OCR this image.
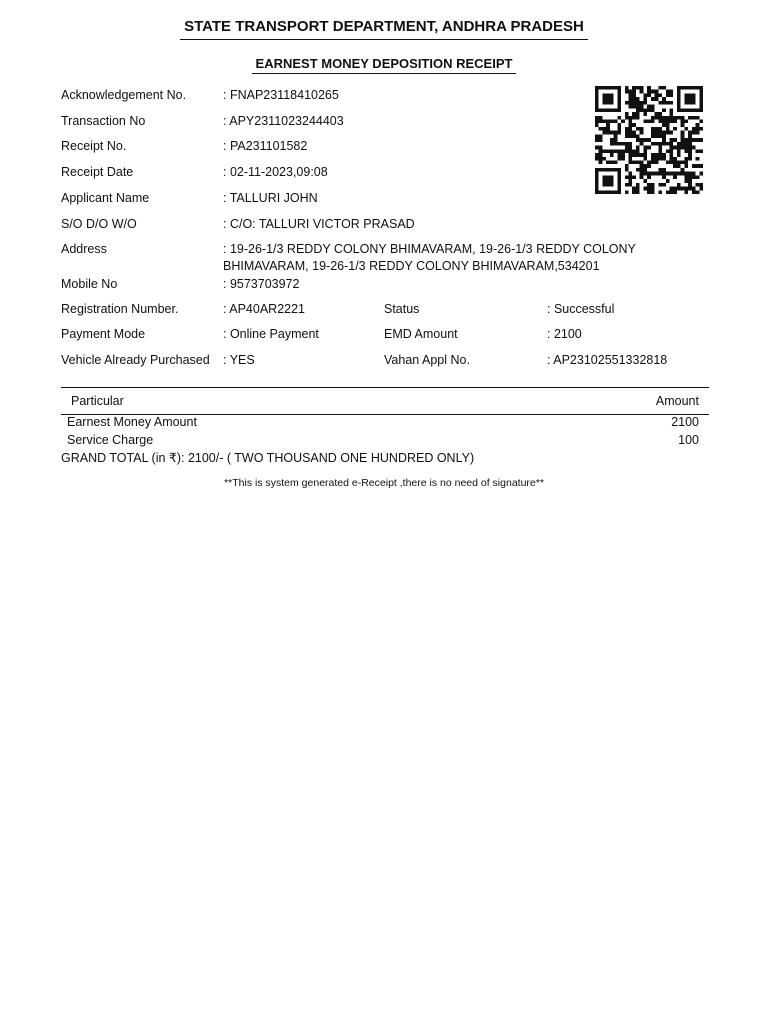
STATE TRANSPORT DEPARTMENT, ANDHRA PRADESH
EARNEST MONEY DEPOSITION RECEIPT
Acknowledgement No.	: FNAP23118410265
Transaction No	: APY2311023244403
Receipt No.	: PA231101582
Receipt Date	: 02-11-2023,09:08
Applicant Name	: TALLURI JOHN
S/O D/O W/O	: C/O: TALLURI VICTOR PRASAD
Address	: 19-26-1/3 REDDY COLONY BHIMAVARAM, 19-26-1/3 REDDY COLONY BHIMAVARAM, 19-26-1/3 REDDY COLONY BHIMAVARAM,534201
Mobile No	: 9573703972
Registration Number.	: AP40AR2221	Status	: Successful
Payment Mode	: Online Payment	EMD Amount	: 2100
Vehicle Already Purchased : YES	Vahan Appl No.	: AP23102551332818
Particular	Amount
Earnest Money Amount	2100
Service Charge	100
GRAND TOTAL (in ₹): 2100/- ( TWO THOUSAND ONE HUNDRED ONLY)
**This is system generated e-Receipt ,there is no need of signature**
